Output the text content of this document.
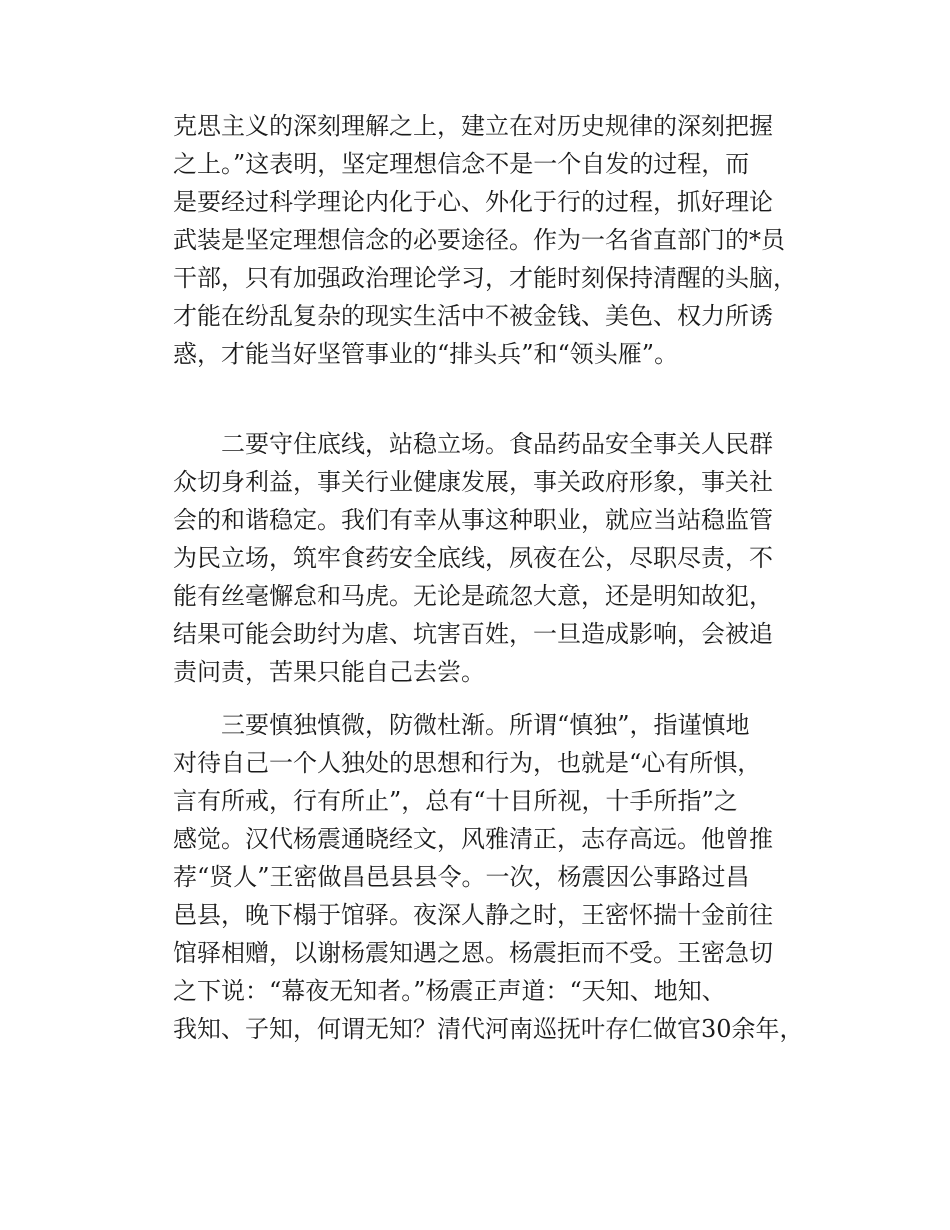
克思主义的深刻理解之上，建立在对历史规律的深刻把握
之上。”这表明，坚定理想信念不是一个自发的过程，而
是要经过科学理论内化于心、外化于行的过程，抓好理论
武装是坚定理想信念的必要途径。作为一名省直部门的*员
干部，只有加强政治理论学习，才能时刻保持清醒的头脑，
才能在纷乱复杂的现实生活中不被金钱、美色、权力所诱
惑，才能当好坚管事业的“排头兵”和“领头雁”。
二要守住底线，站稳立场。食品药品安全事关人民群
众切身利益，事关行业健康发展，事关政府形象，事关社
会的和谐稳定。我们有幸从事这种职业，就应当站稳监管
为民立场，筑牢食药安全底线，夙夜在公，尽职尽责，不
能有丝毫懈怠和马虎。无论是疏忽大意，还是明知故犯，
结果可能会助纣为虐、坑害百姓，一旦造成影响，会被追
责问责，苦果只能自己去尝。
三要慎独慎微，防微杜渐。所谓“慎独”，指谨慎地
对待自己一个人独处的思想和行为，也就是“心有所惧，
言有所戒，行有所止”，总有“十目所视，十手所指”之
感觉。汉代杨震通晓经文，风雅清正，志存高远。他曾推
荐“贤人”王密做昌邑县县令。一次，杨震因公事路过昌
邑县，晚下榻于馆驿。夜深人静之时，王密怀揣十金前往
馆驿相赠，以谢杨震知遇之恩。杨震拒而不受。王密急切
之下说：“幕夜无知者。”杨震正声道：“天知、地知、
我知、子知，何谓无知？清代河南巡抚叶存仁做官30余年，
